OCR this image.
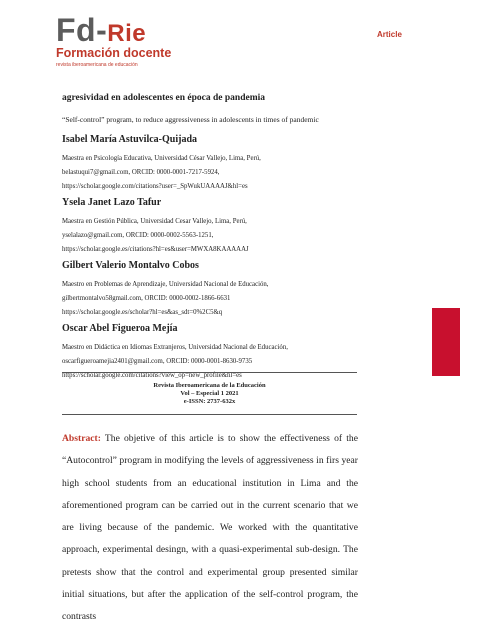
Fd-Rie
Formación docente
revista iberoamericana de educación
Article

agresividad en adolescentes en época de pandemia

“Self-control” program, to reduce aggressiveness in adolescents in times of pandemic

Isabel María Astuvilca-Quijada

Maestra en Psicología Educativa, Universidad César Vallejo, Lima, Perú,

belastuqui7@gmail.com, ORCID: 0000-0001-7217-5924,

https://scholar.google.com/citations?user=_SpWukUAAAAJ&hl=es

Ysela Janet Lazo Tafur

Maestra en Gestión Pública, Universidad Cesar Vallejo, Lima, Perú,

yselalazo@gmail.com, ORCID: 0000-0002-5563-1251,

https://scholar.google.es/citations?hl=es&user=MWXA8KAAAAAJ

Gilbert Valerio Montalvo Cobos

Maestro en Problemas de Aprendizaje, Universidad Nacional de Educación,

gilbertmontalvo58gmail.com, ORCID: 0000-0002-1866-6631

https://scholar.google.es/scholar?hl=es&as_sdt=0%2C5&q

Oscar Abel Figueroa Mejía

Maestro en Didáctica en Idiomas Extranjeros, Universidad Nacional de Educación,

oscarfigueroamejia2401@gmail.com, ORCID: 0000-0001-8630-9735

https://scholar.google.com/citations?view_op=new_profile&hl=es

Revista Iberoamericana de la Educación
Vol – Especial 1 2021
e-ISSN: 2737-632x
Abstract: The objetive of this article is to show the effectiveness of the “Autocontrol” program in modifying the levels of aggressiveness in firs year high school students from an educational institution in Lima and the aforementioned program can be carried out in the current scenario that we are living because of the pandemic. We worked with the quantitative approach, experimental desingn, with a quasi-experimental sub-design. The pretests show that the control and experimental group presented similar initial situations, but after the application of the self-control program, the contrasts
